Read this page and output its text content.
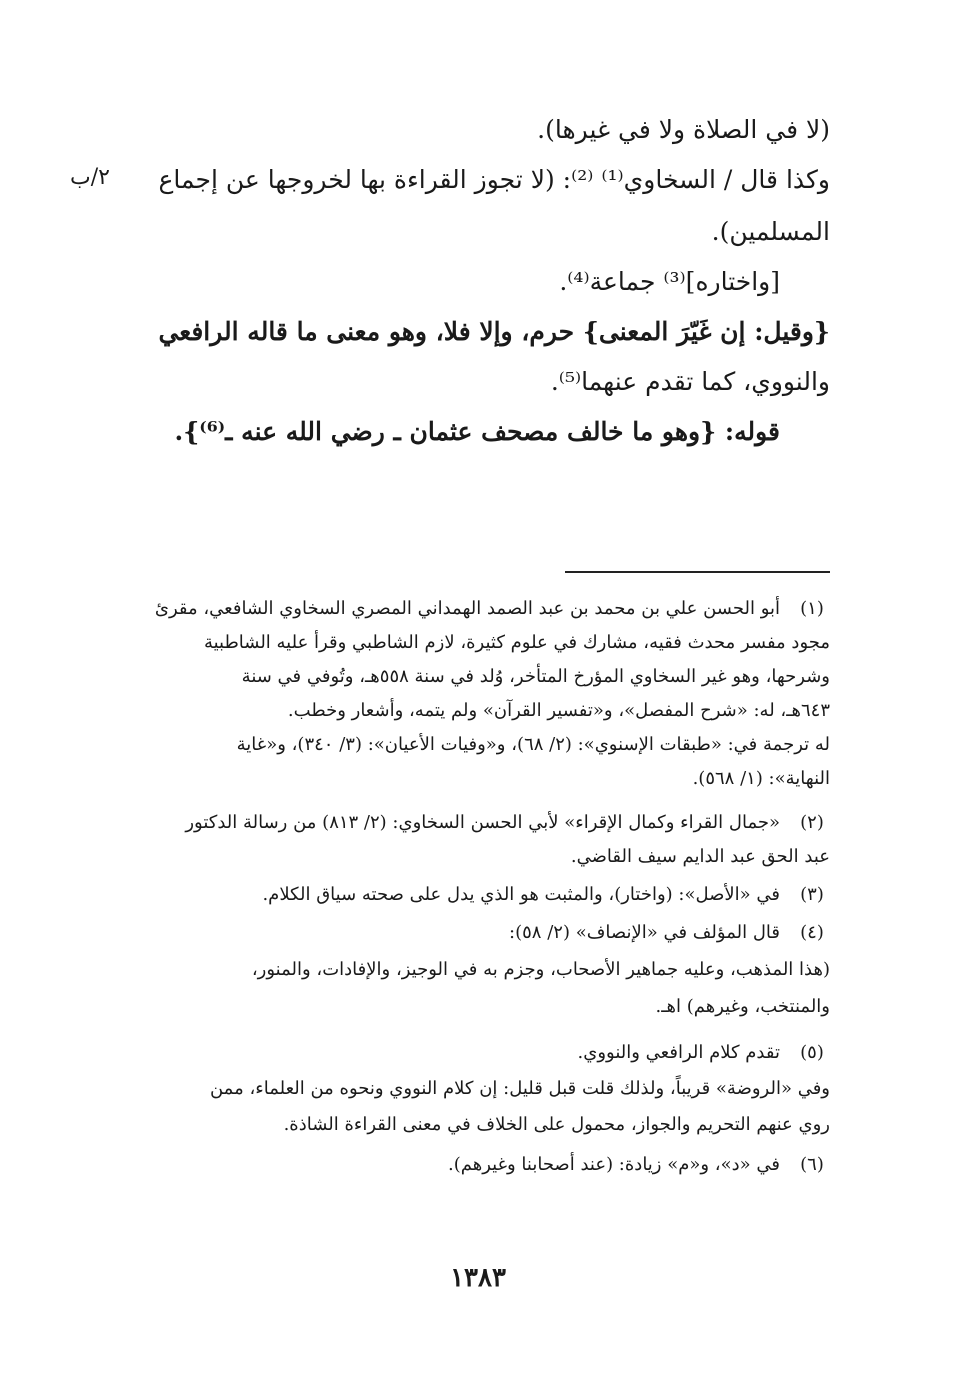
(لا في الصلاة ولا في غيرها).
وكذا قال / السخاوي⁽¹⁾ ⁽²⁾: (لا تجوز القراءة بها لخروجها عن إجماع
٢/ب
المسلمين).
[واختاره]⁽³⁾ جماعة⁽⁴⁾.
{وقيل: إن غَيّرَ المعنى} حرم، وإلا فلا، وهو معنى ما قاله الرافعي
والنووي، كما تقدم عنهما⁽⁵⁾.
قوله: {وهو ما خالف مصحف عثمان ـ رضي الله عنه ـ⁽⁶⁾}.
(١)
أبو الحسن علي بن محمد بن عبد الصمد الهمداني المصري السخاوي الشافعي، مقرئ
مجود مفسر محدث فقيه، مشارك في علوم كثيرة، لازم الشاطبي وقرأ عليه الشاطبية
وشرحها، وهو غير السخاوي المؤرخ المتأخر، وُلد في سنة ٥٥٨هـ، وتُوفي في سنة
٦٤٣هـ، له: «شرح المفصل»، و«تفسير القرآن» ولم يتمه، وأشعار وخطب.
له ترجمة في: «طبقات الإسنوي»: (٢/ ٦٨)، و«وفيات الأعيان»: (٣/ ٣٤٠)، و«غاية
النهاية»: (١/ ٥٦٨).
(٢)
«جمال القراء وكمال الإقراء» لأبي الحسن السخاوي: (٢/ ٨١٣) من رسالة الدكتور
عبد الحق عبد الدايم سيف القاضي.
(٣)
في «الأصل»: (واختار)، والمثبت هو الذي يدل على صحته سياق الكلام.
(٤)
قال المؤلف في «الإنصاف» (٢/ ٥٨):
(هذا المذهب، وعليه جماهير الأصحاب، وجزم به في الوجيز، والإفادات، والمنور،
والمنتخب، وغيرهم) اهـ.
(٥)
تقدم كلام الرافعي والنووي.
وفي «الروضة» قريباً، ولذلك قلت قبل قليل: إن كلام النووي ونحوه من العلماء، ممن
روي عنهم التحريم والجواز، محمول على الخلاف في معنى القراءة الشاذة.
(٦)
في «د»، و«م» زيادة: (عند أصحابنا وغيرهم).
١٣٨٣
